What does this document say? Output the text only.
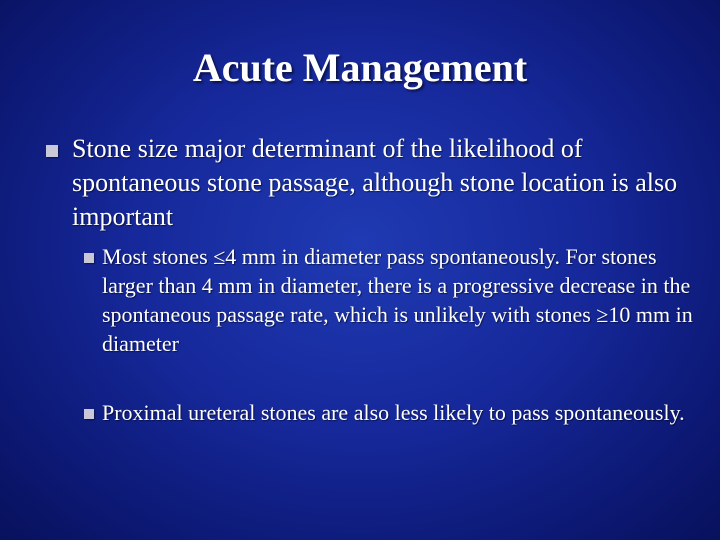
Acute Management
Stone size major determinant of the likelihood of spontaneous stone passage, although stone location is also important
Most stones ≤4 mm in diameter pass spontaneously. For stones larger than 4 mm in diameter, there is a progressive decrease in the spontaneous passage rate, which is unlikely with stones ≥10 mm in diameter
Proximal ureteral stones are also less likely to pass spontaneously.
